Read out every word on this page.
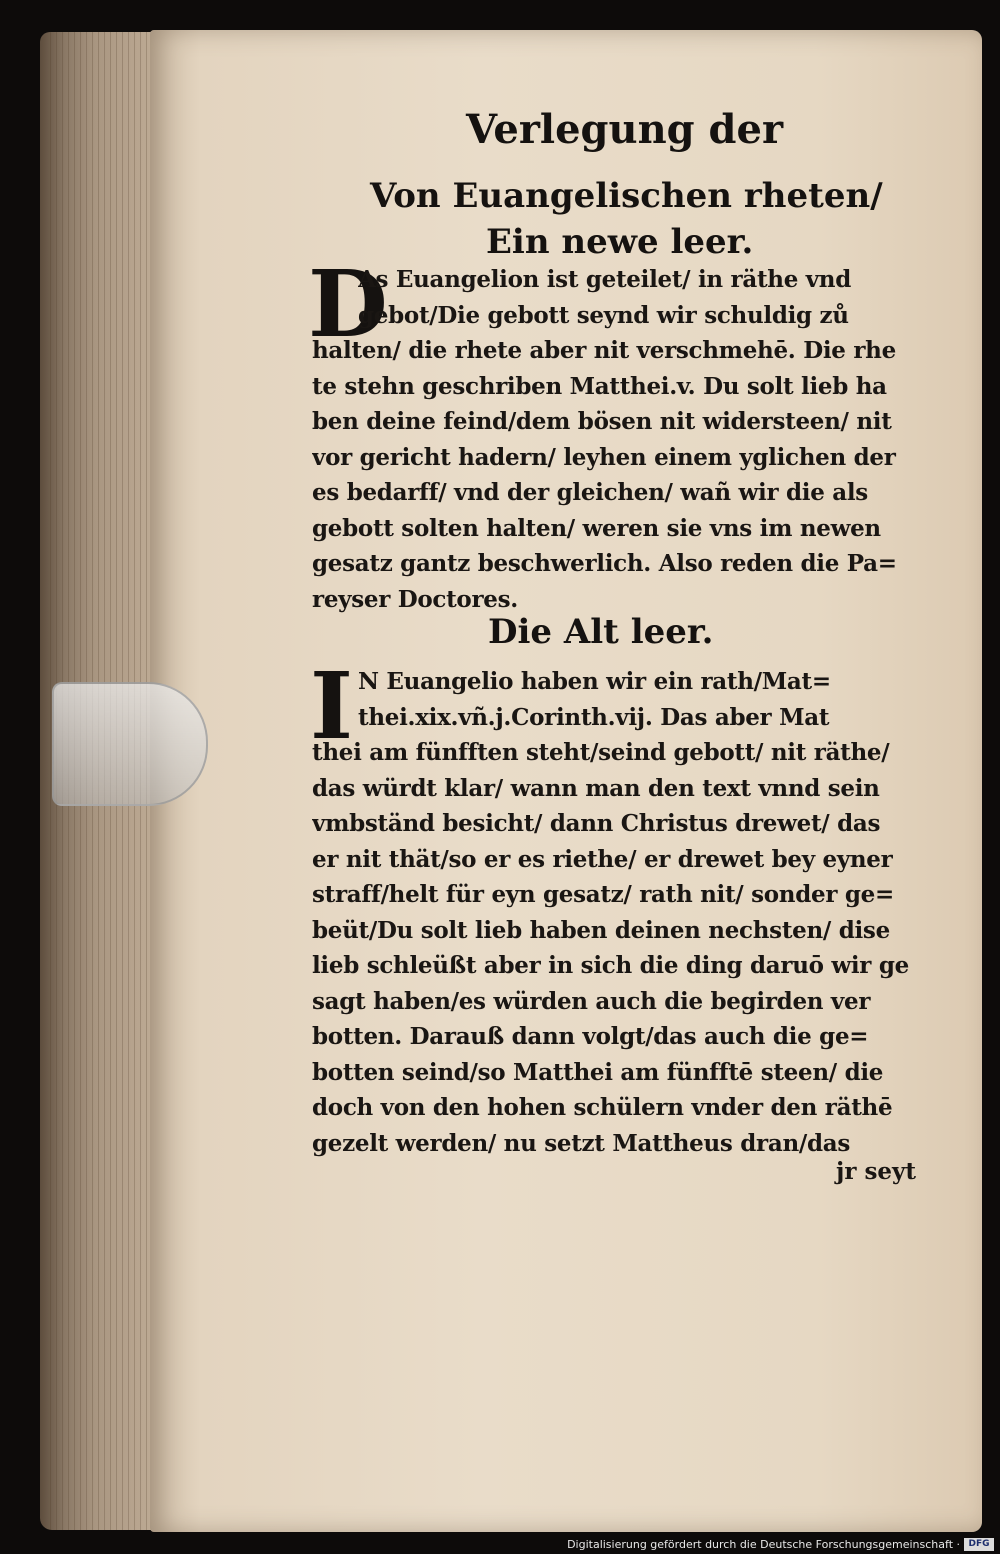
Verlegung der
Von Euangelischen rheten/
Ein newe leer.
D
As Euangelion ist geteilet/ in räthe vnd
gebot/Die gebott seynd wir schuldig zů
halten/ die rhete aber nit verschmehē. Die rhe
te stehn geschriben Matthei.v. Du solt lieb ha
ben deine feind/dem bösen nit widersteen/ nit
vor gericht hadern/ leyhen einem yglichen der
es bedarff/ vnd der gleichen/ wañ wir die als
gebott solten halten/ weren sie vns im newen
gesatz gantz beschwerlich. Also reden die Pa=
reyser Doctores.
Die Alt leer.
I N Euangelio haben wir ein rath/Mat=
thei.xix.vñ.j.Corinth.vij. Das aber Mat
thei am fünfften steht/seind gebott/ nit räthe/
das würdt klar/ wann man den text vnnd sein
vmbständ besicht/ dann Christus drewet/ das
er nit thät/so er es riethe/ er drewet bey eyner
straff/helt für eyn gesatz/ rath nit/ sonder ge=
beüt/Du solt lieb haben deinen nechsten/ dise
lieb schleüßt aber in sich die ding daruō wir ge
sagt haben/es würden auch die begirden ver
botten. Darauß dann volgt/das auch die ge=
botten seind/so Matthei am fünfftē steen/ die
doch von den hohen schülern vnder den räthē
gezelt werden/ nu setzt Mattheus dran/das
jr seyt
Digitalisierung gefördert durch die Deutsche Forschungsgemeinschaft · DFG
